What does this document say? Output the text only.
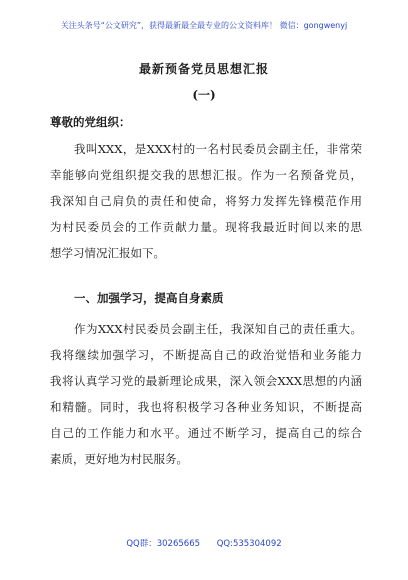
关注头条号“公文研究”，获得最新最全最专业的公文资料库！ 微信：gongwenyj
最新预备党员思想汇报
(一)
尊敬的党组织：
我叫XXX，是XXX村的一名村民委员会副主任，非常荣
幸能够向党组织提交我的思想汇报。作为一名预备党员，
我深知自己肩负的责任和使命，将努力发挥先锋模范作用
为村民委员会的工作贡献力量。现将我最近时间以来的思
想学习情况汇报如下。
一、加强学习，提高自身素质
作为XXX村民委员会副主任，我深知自己的责任重大。
我将继续加强学习，不断提高自己的政治觉悟和业务能力
我将认真学习党的最新理论成果，深入领会XXX思想的内涵
和精髓。同时，我也将积极学习各种业务知识，不断提高
自己的工作能力和水平。通过不断学习，提高自己的综合
素质，更好地为村民服务。
QQ群：30265665 QQ:535304092
